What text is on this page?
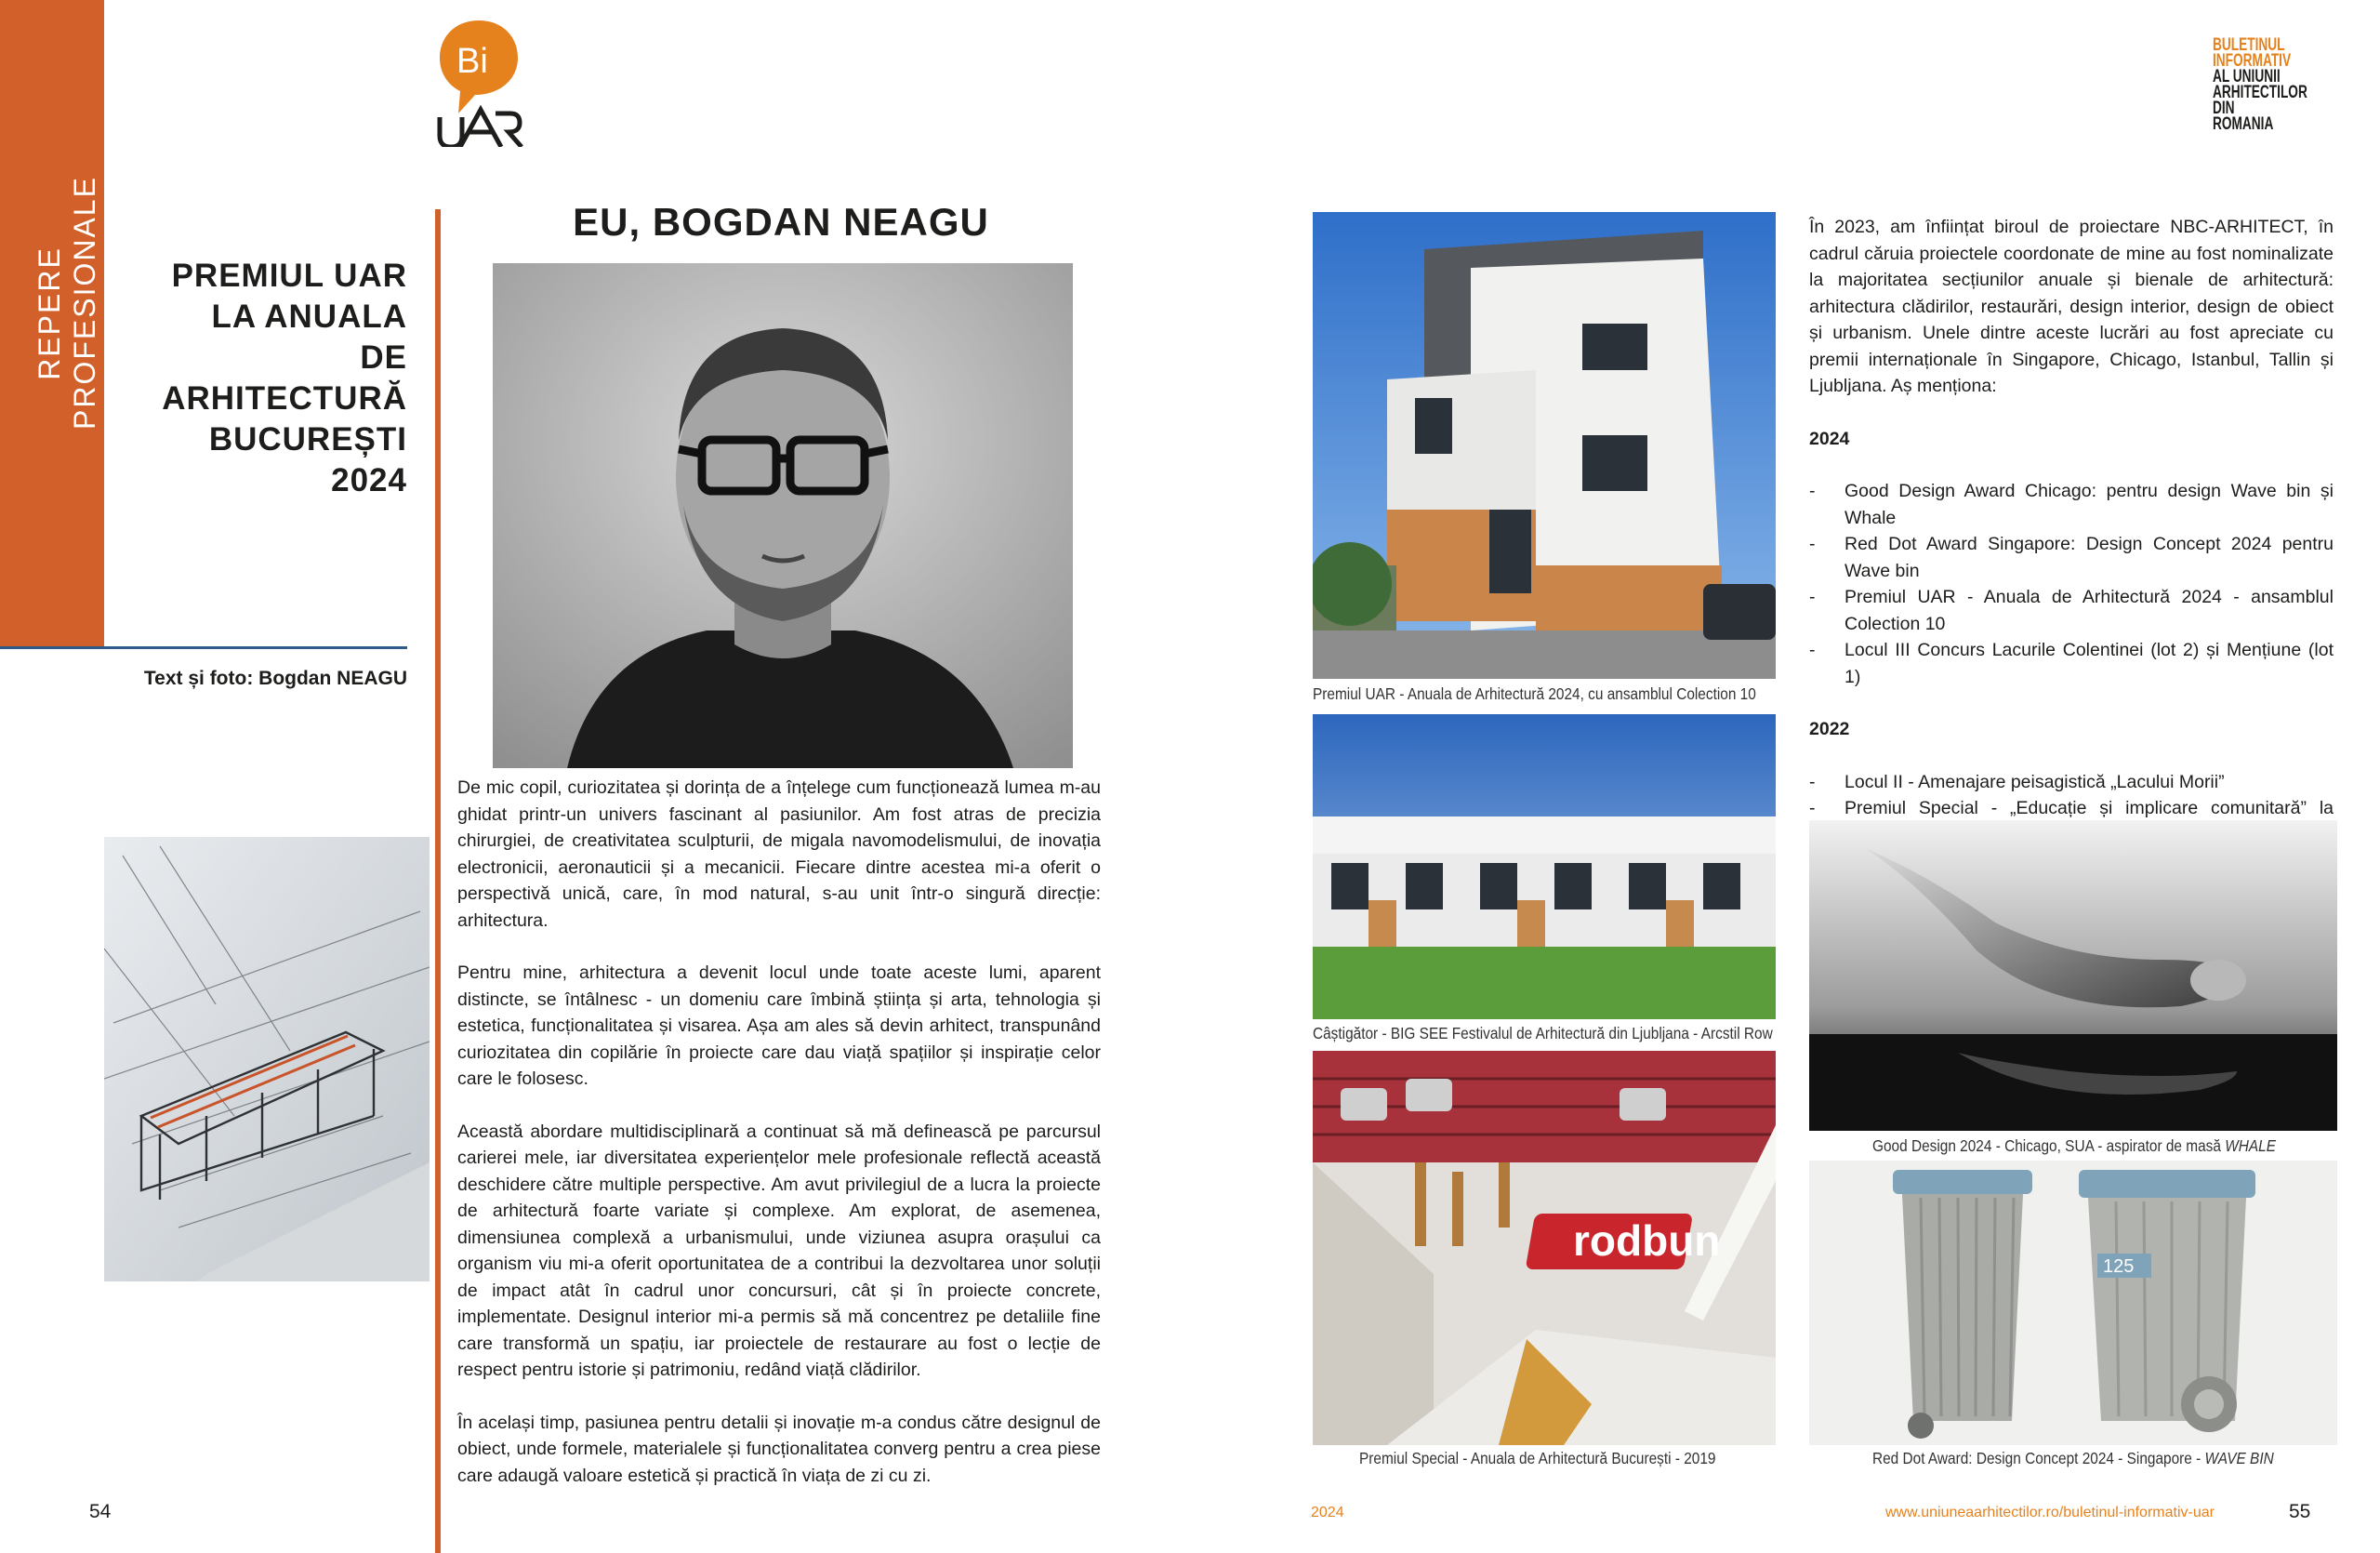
REPERE PROFESIONALE
Bi	BULETINUL
INFORMATIV
AL UNIUNII
ARHITECTILOR
DIN ROMANIA
PREMIUL UAR
LA ANUALA
DE ARHITECTURĂ
BUCUREȘTI
2024
Text și foto: Bogdan NEAGU
EU, BOGDAN NEAGU

De mic copil, curiozitatea și dorința de a înțelege cum funcționează lumea m-au ghidat printr-un univers fascinant al pasiunilor. Am fost atras de precizia chirurgiei, de creativitatea sculpturii, de migala navomodelismului, de inovația electronicii, aeronauticii și a mecanicii. Fiecare dintre acestea mi-a oferit o perspectivă unică, care, în mod natural, s-au unit într-o singură direcție: arhitectura.

Pentru mine, arhitectura a devenit locul unde toate aceste lumi, aparent distincte, se întâlnesc - un domeniu care îmbină știința și arta, tehnologia și estetica, funcționalitatea și visarea. Așa am ales să devin arhitect, transpunând curiozitatea din copilărie în proiecte care dau viață spațiilor și inspirație celor care le folosesc.

Această abordare multidisciplinară a continuat să mă definească pe parcursul carierei mele, iar diversitatea experiențelor mele profesionale reflectă această deschidere către multiple perspective. Am avut privilegiul de a lucra la proiecte de arhitectură foarte variate și complexe. Am explorat, de asemenea, dimensiunea complexă a urbanismului, unde viziunea asupra orașului ca organism viu mi-a oferit oportunitatea de a contribui la dezvoltarea unor soluții de impact atât în cadrul unor concursuri, cât și în proiecte concrete, implementate. Designul interior mi-a permis să mă concentrez pe detaliile fine care transformă un spațiu, iar proiectele de restaurare au fost o lecție de respect pentru istorie și patrimoniu, redând viață clădirilor.

În același timp, pasiunea pentru detalii și inovație m-a condus către designul de obiect, unde formele, materialele și funcționalitatea converg pentru a crea piese care adaugă valoare estetică și practică în viața de zi cu zi.

Premiul UAR - Anuala de Arhitectură 2024, cu ansamblul Colection 10
Câștigător - BIG SEE Festivalul de Arhitectură din Ljubljana - Arcstil Row
rodbun
Premiul Special - Anuala de Arhitectură București - 2019

În 2023, am înființat biroul de proiectare NBC-ARHITECT, în cadrul căruia proiectele coordonate de mine au fost nominalizate la majoritatea secțiunilor anuale și bienale de arhitectură: arhitectura clădirilor, restaurări, design interior, design de obiect și urbanism. Unele dintre aceste lucrări au fost apreciate cu premii internaționale în Singapore, Chicago, Istanbul, Tallin și Ljubljana. Aș menționa:

2024

- Good Design Award Chicago: pentru design Wave bin și Whale
- Red Dot Award Singapore: Design Concept 2024 pentru Wave bin
- Premiul UAR - Anuala de Arhitectură 2024 - ansamblul Colection 10
- Locul III Concurs Lacurile Colentinei (lot 2) și Mențiune (lot 1)

2022

- Locul II - Amenajare peisagistică „Lacului Morii”
- Premiul Special - „Educație și implicare comunitară” la
Good Design 2024 - Chicago, SUA - aspirator de masă WHALE
125
Red Dot Award: Design Concept 2024 - Singapore - WAVE BIN
54	55
2024	www.uniuneaarhitectilor.ro/buletinul-informativ-uar
